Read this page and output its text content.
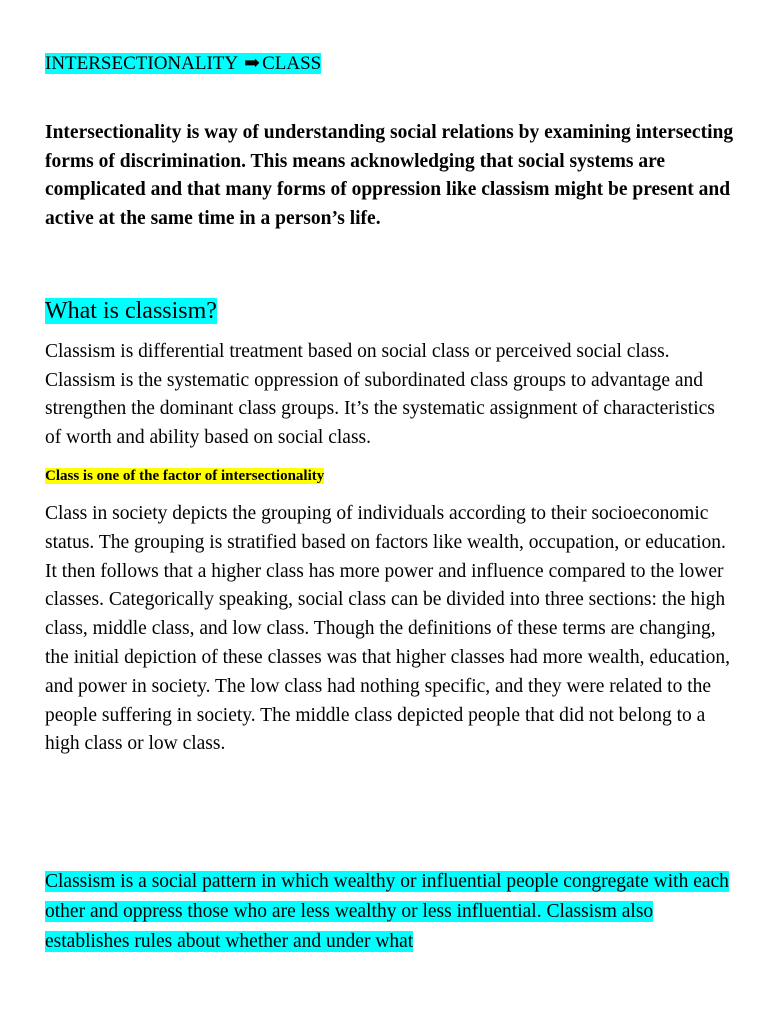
INTERSECTIONALITY ➡ CLASS
Intersectionality is way of understanding social relations by examining intersecting forms of discrimination. This means acknowledging that social systems are complicated and that many forms of oppression like classism might be present and active at the same time in a person’s life.
What is classism?
Classism is differential treatment based on social class or perceived social class. Classism is the systematic oppression of subordinated class groups to advantage and strengthen the dominant class groups. It’s the systematic assignment of characteristics of worth and ability based on social class.
Class is one of the factor of intersectionality
Class in society depicts the grouping of individuals according to their socioeconomic status. The grouping is stratified based on factors like wealth, occupation, or education. It then follows that a higher class has more power and influence compared to the lower classes. Categorically speaking, social class can be divided into three sections: the high class, middle class, and low class. Though the definitions of these terms are changing, the initial depiction of these classes was that higher classes had more wealth, education, and power in society. The low class had nothing specific, and they were related to the people suffering in society. The middle class depicted people that did not belong to a high class or low class.
Classism is a social pattern in which wealthy or influential people congregate with each other and oppress those who are less wealthy or less influential. Classism also establishes rules about whether and under what
